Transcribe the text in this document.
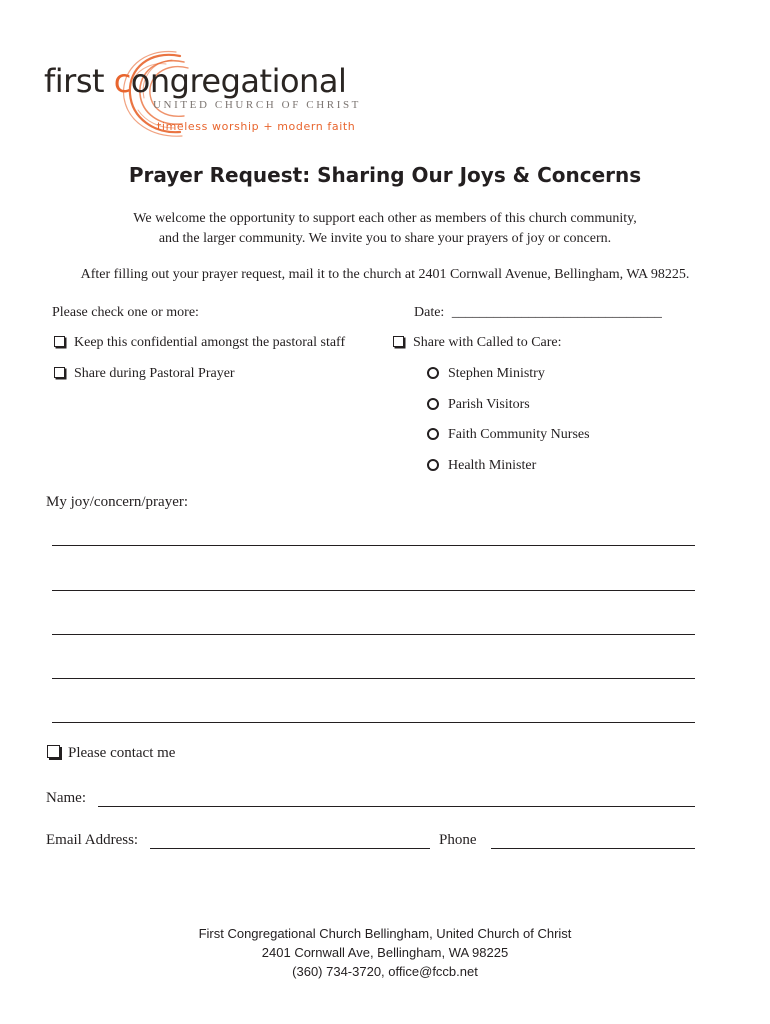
first congregational
UNITED CHURCH OF CHRIST
timeless worship + modern faith
Prayer Request: Sharing Our Joys & Concerns
We welcome the opportunity to support each other as members of this church community,
and the larger community. We invite you to share your prayers of joy or concern.
After filling out your prayer request, mail it to the church at 2401 Cornwall Avenue, Bellingham, WA 98225.
Please check one or more:	Date: ______________________________
Keep this confidential amongst the pastoral staff
Share during Pastoral Prayer
Share with Called to Care:
Stephen Ministry
Parish Visitors
Faith Community Nurses
Health Minister
My joy/concern/prayer:
Please contact me
Name:
Email Address:	Phone
First Congregational Church Bellingham, United Church of Christ
2401 Cornwall Ave, Bellingham, WA 98225
(360) 734-3720, office@fccb.net
